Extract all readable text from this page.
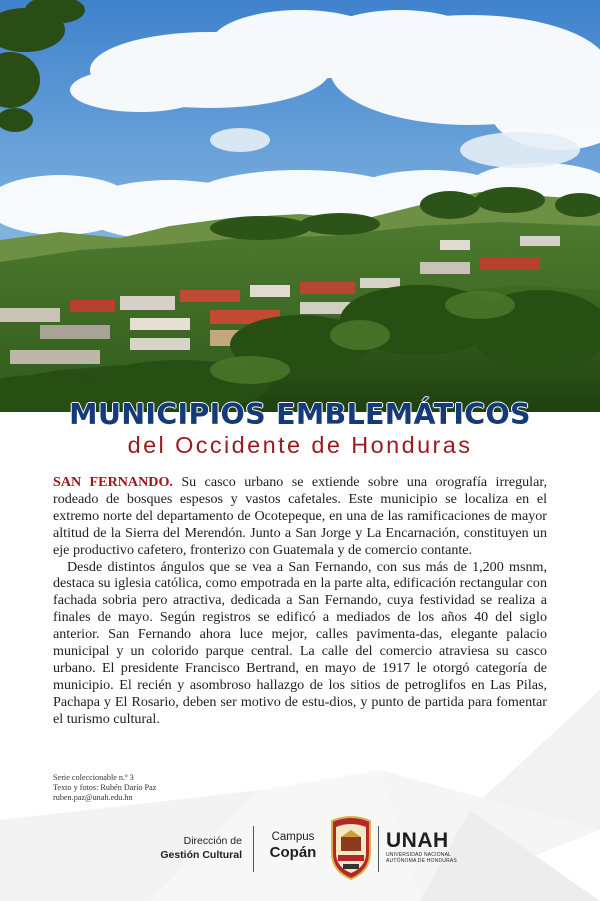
MUNICIPIOS EMBLEMÁTICOS
del Occidente de Honduras

SAN FERNANDO. Su casco urbano se extiende sobre una orografía irregular, rodeado de bosques espesos y vastos cafetales. Este municipio se localiza en el extremo norte del departamento de Ocotepeque, en una de las ramificaciones de mayor altitud de la Sierra del Merendón. Junto a San Jorge y La Encarnación, constituyen un eje productivo cafetero, fronterizo con Guatemala y de comercio contante.

Desde distintos ángulos que se vea a San Fernando, con sus más de 1,200 msnm, destaca su iglesia católica, como empotrada en la parte alta, edificación rectangular con fachada sobria pero atractiva, dedicada a San Fernando, cuya festividad se realiza a finales de mayo. Según registros se edificó a mediados de los años 40 del siglo anterior. San Fernando ahora luce mejor, calles pavimenta-das, elegante palacio municipal y un colorido parque central. La calle del comercio atraviesa su casco urbano. El presidente Francisco Bertrand, en mayo de 1917 le otorgó categoría de municipio. El recién y asombroso hallazgo de los sitios de petroglifos en Las Pilas, Pachapa y El Rosario, deben ser motivo de estu-dios, y punto de partida para fomentar el turismo cultural.

Serie coleccionable n.º 3
Texto y fotos: Rubén Darío Paz
ruben.paz@unah.edu.hn
Dirección de
Gestión Cultural
Campus
Copán
UNAH
UNIVERSIDAD NACIONAL
AUTÓNOMA DE HONDURAS
